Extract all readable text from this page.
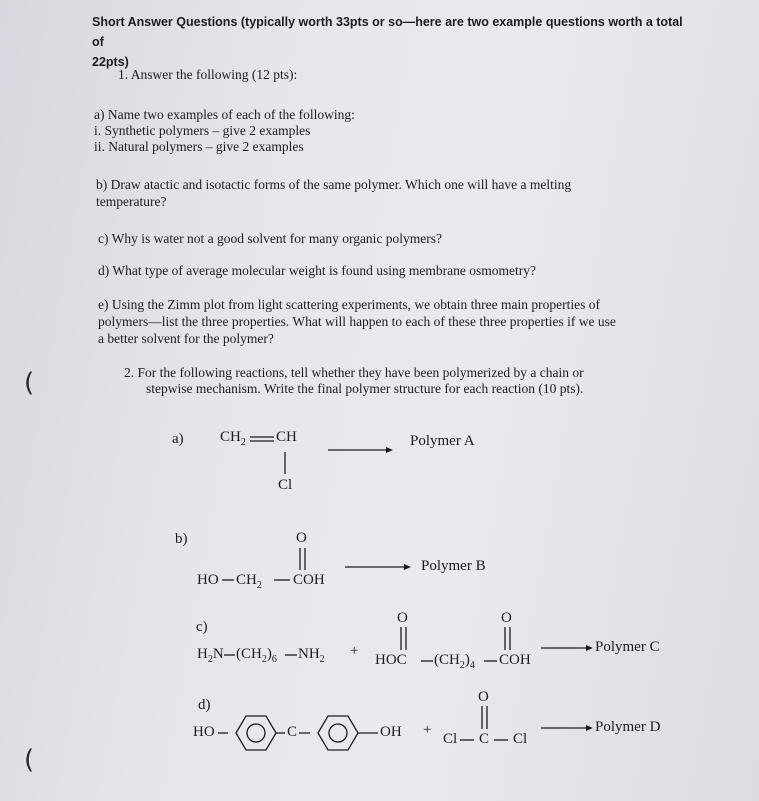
(
(
Short Answer Questions (typically worth 33pts or so—here are two example questions worth a total of
22pts)
1. Answer the following (12 pts):
a) Name two examples of each of the following:
i. Synthetic polymers – give 2 examples
ii. Natural polymers – give 2 examples
b) Draw atactic and isotactic forms of the same polymer. Which one will have a melting
temperature?
c) Why is water not a good solvent for many organic polymers?
d) What type of average molecular weight is found using membrane osmometry?
e) Using the Zimm plot from light scattering experiments, we obtain three main properties of
polymers—list the three properties. What will happen to each of these three properties if we use
a better solvent for the polymer?
2. For the following reactions, tell whether they have been polymerized by a chain or
stepwise mechanism. Write the final polymer structure for each reaction (10 pts).
a) $CH_2$ CH
Cl
Polymer A
b)	O
HO $CH_2$ COH
Polymer B
c)
$H_2N$ $(CH_2)_6$ $NH_2$
+
O
HOC $(CH_2)_4$
O
COH
Polymer C
d)
HO	C	OH +
O
Cl C Cl
Polymer D
